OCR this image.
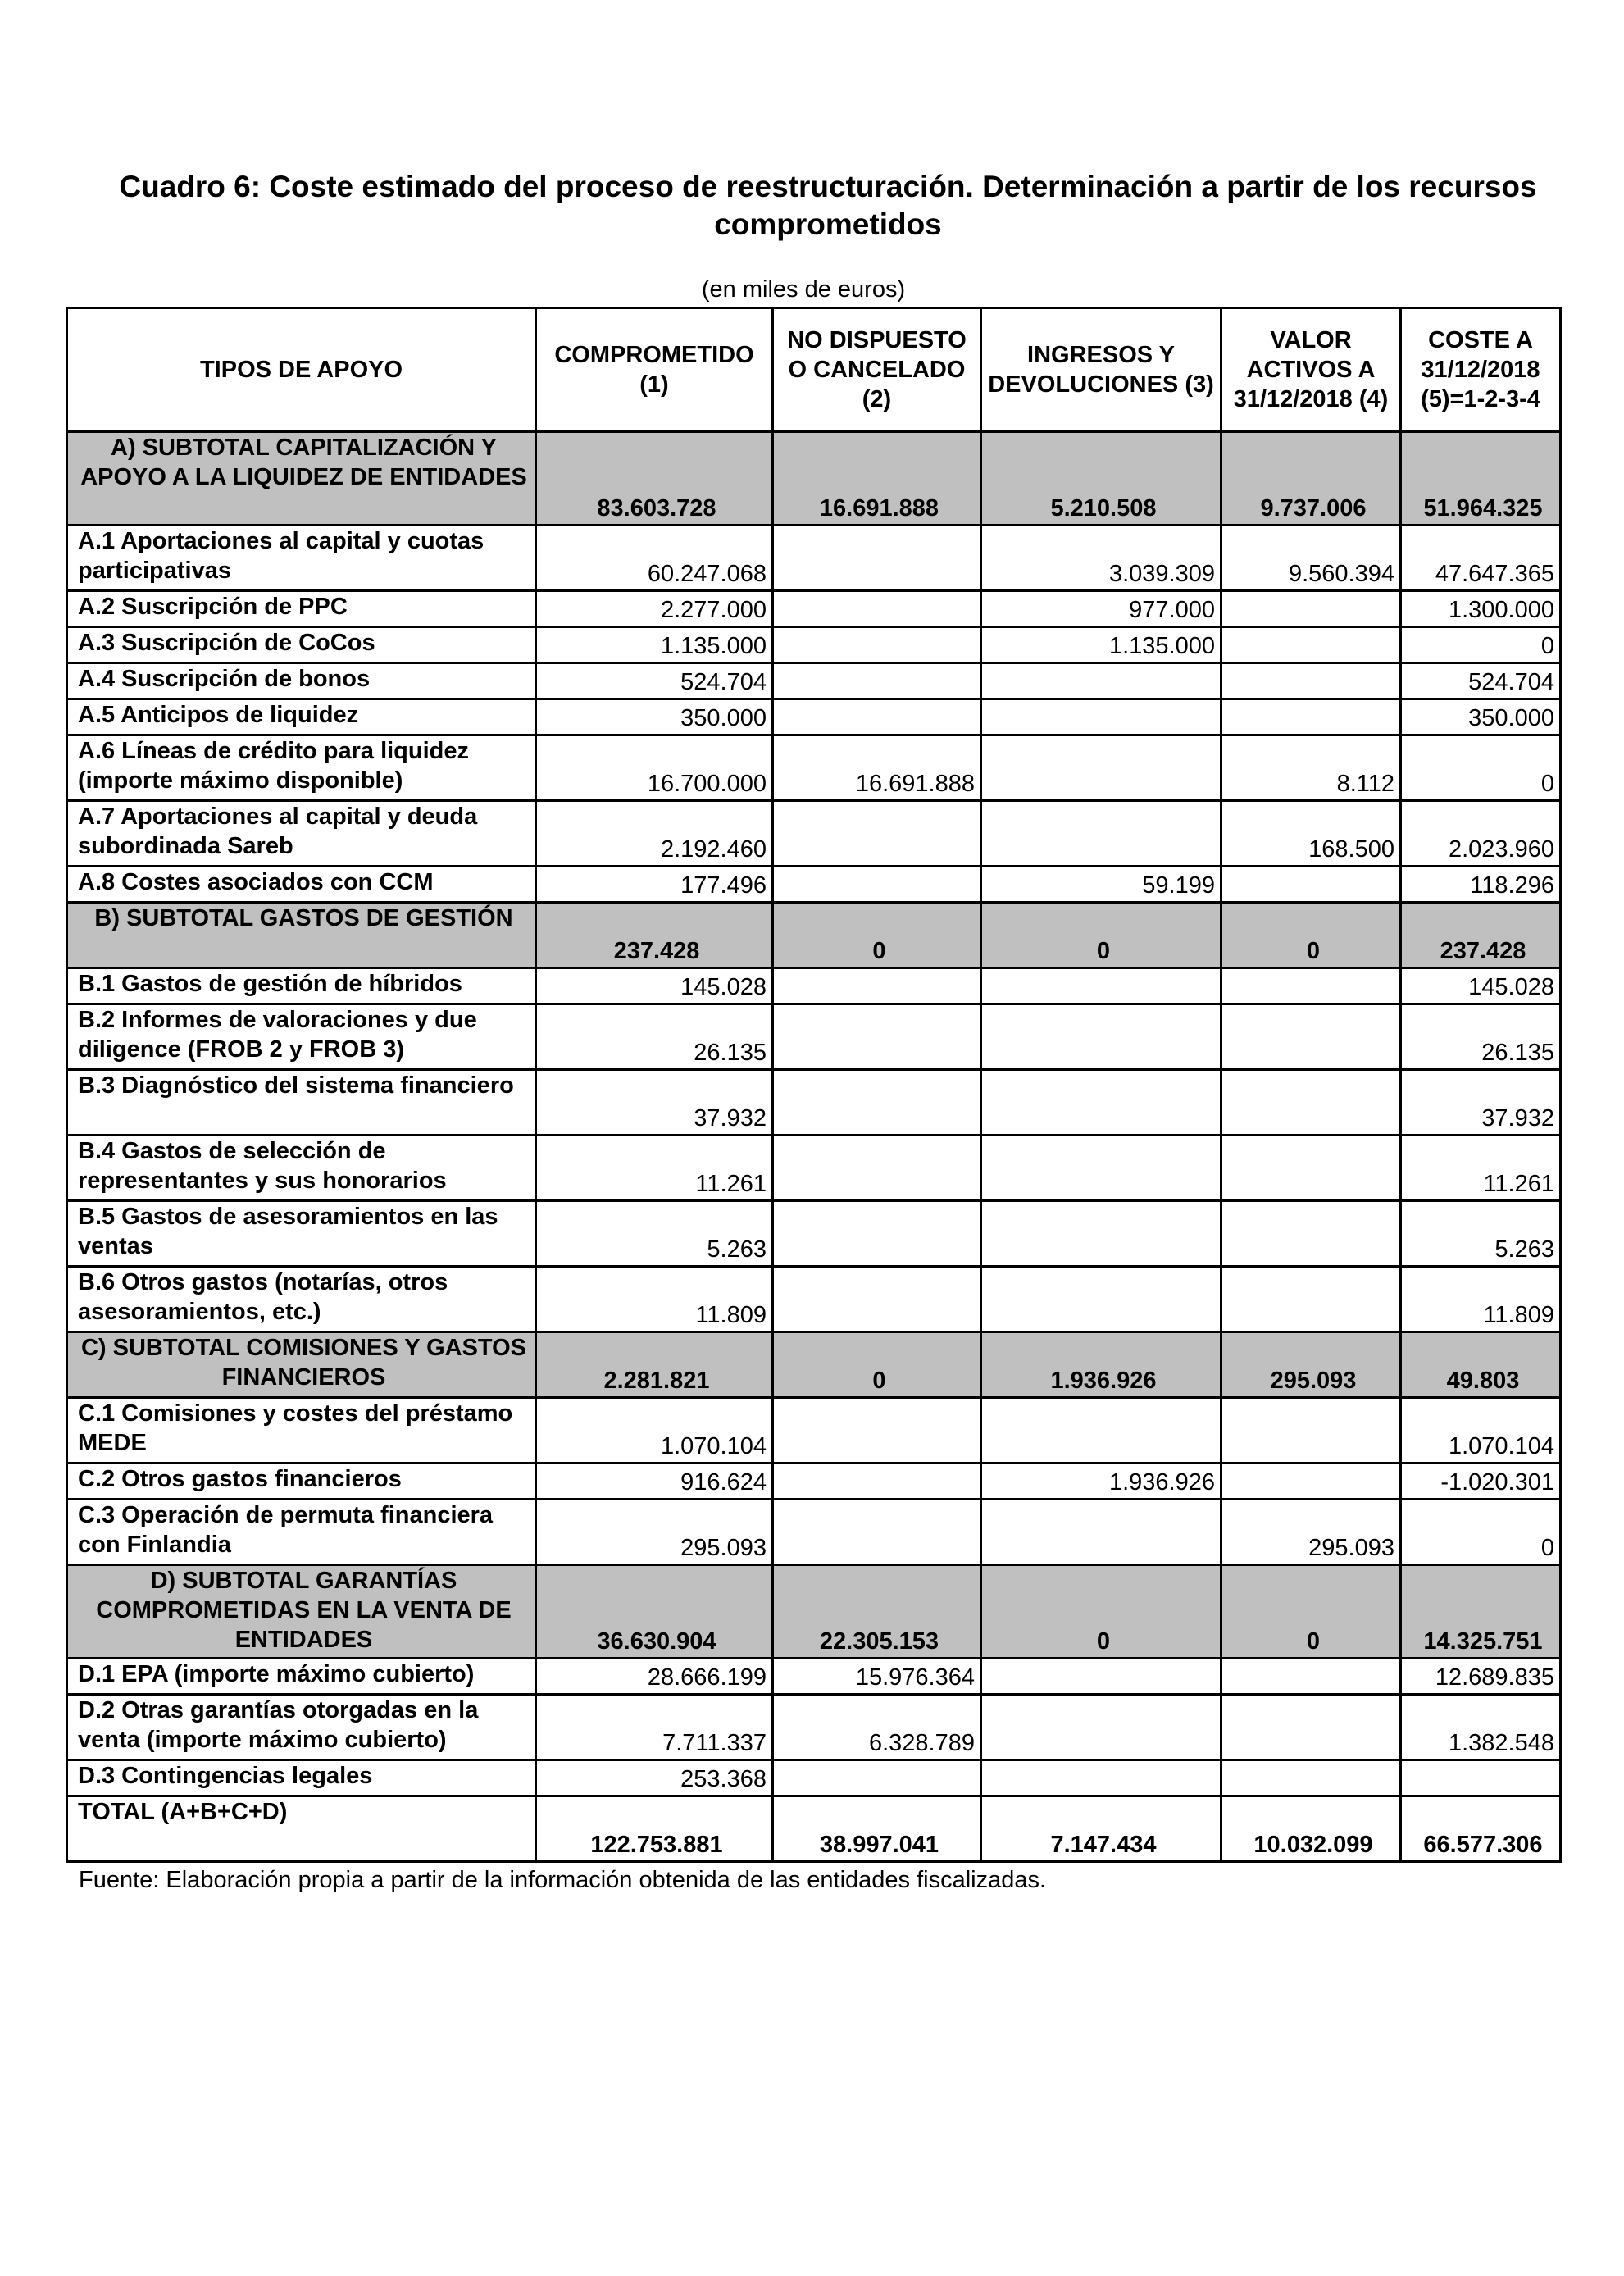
Cuadro 6: Coste estimado del proceso de reestructuración. Determinación a partir de los recursos comprometidos
(en miles de euros)
TIPOS DE APOYO	COMPROMETIDO (1)	NO DISPUESTO O CANCELADO (2)	INGRESOS Y DEVOLUCIONES (3)	VALOR ACTIVOS A 31/12/2018 (4)	COSTE A 31/12/2018 (5)=1-2-3-4
A) SUBTOTAL CAPITALIZACIÓN Y APOYO A LA LIQUIDEZ DE ENTIDADES	83.603.728	16.691.888	5.210.508	9.737.006	51.964.325
A.1 Aportaciones al capital y cuotas participativas	60.247.068		3.039.309	9.560.394	47.647.365
A.2 Suscripción de PPC	2.277.000		977.000		1.300.000
A.3 Suscripción de CoCos	1.135.000		1.135.000		0
A.4 Suscripción de bonos	524.704				524.704
A.5 Anticipos de liquidez	350.000				350.000
A.6 Líneas de crédito para liquidez (importe máximo disponible)	16.700.000	16.691.888		8.112	0
A.7 Aportaciones al capital y deuda subordinada Sareb	2.192.460			168.500	2.023.960
A.8 Costes asociados con CCM	177.496		59.199		118.296
B) SUBTOTAL GASTOS DE GESTIÓN	237.428	0	0	0	237.428
B.1 Gastos de gestión de híbridos	145.028				145.028
B.2 Informes de valoraciones y due diligence (FROB 2 y FROB 3)	26.135				26.135
B.3 Diagnóstico del sistema financiero	37.932				37.932
B.4 Gastos de selección de representantes y sus honorarios	11.261				11.261
B.5 Gastos de asesoramientos en las ventas	5.263				5.263
B.6 Otros gastos (notarías, otros asesoramientos, etc.)	11.809				11.809
C) SUBTOTAL COMISIONES Y GASTOS FINANCIEROS	2.281.821	0	1.936.926	295.093	49.803
C.1 Comisiones y costes del préstamo MEDE	1.070.104				1.070.104
C.2 Otros gastos financieros	916.624		1.936.926		-1.020.301
C.3 Operación de permuta financiera con Finlandia	295.093			295.093	0
D) SUBTOTAL GARANTÍAS COMPROMETIDAS EN LA VENTA DE ENTIDADES	36.630.904	22.305.153	0	0	14.325.751
D.1 EPA (importe máximo cubierto)	28.666.199	15.976.364			12.689.835
D.2 Otras garantías otorgadas en la venta (importe máximo cubierto)	7.711.337	6.328.789			1.382.548
D.3 Contingencias legales	253.368				
TOTAL (A+B+C+D)	122.753.881	38.997.041	7.147.434	10.032.099	66.577.306
Fuente: Elaboración propia a partir de la información obtenida de las entidades fiscalizadas.
